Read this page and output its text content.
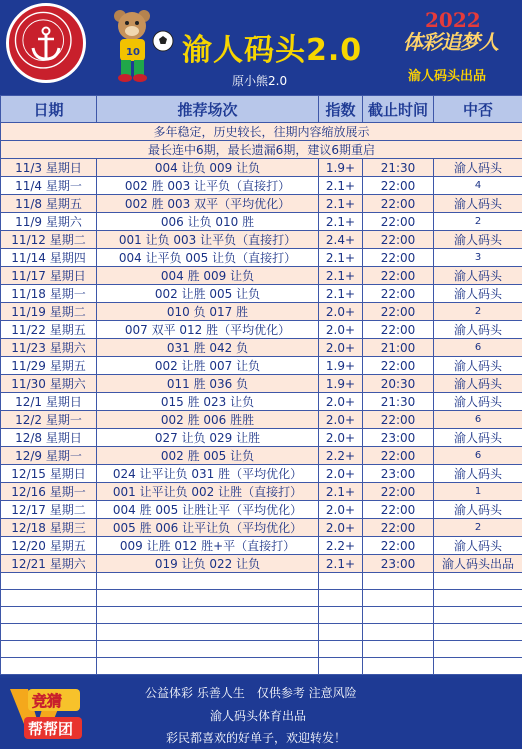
10 渝人码头2.0
原小熊2.0
2022
体彩追梦人
渝人码头出品
日期	推荐场次	指数	截止时间	中否
多年稳定，历史较长，往期内容缩放展示				
最长连中6期，最长遗漏6期，建议6期重启				
11/3 星期日	004 让负 009 让负	1.9+	21:30	渝人码头
11/4 星期一	002 胜 003 让平负（直接打）	2.1+	22:00	4
11/8 星期五	002 胜 003 双平（平均优化）	2.1+	22:00	渝人码头
11/9 星期六	006 让负 010 胜	2.1+	22:00	2
11/12 星期二	001 让负 003 让平负（直接打）	2.4+	22:00	渝人码头
11/14 星期四	004 让平负 005 让负（直接打）	2.1+	22:00	3
11/17 星期日	004 胜 009 让负	2.1+	22:00	渝人码头
11/18 星期一	002 让胜 005 让负	2.1+	22:00	渝人码头
11/19 星期二	010 负 017 胜	2.0+	22:00	2
11/22 星期五	007 双平 012 胜（平均优化）	2.0+	22:00	渝人码头
11/23 星期六	031 胜 042 负	2.0+	21:00	6
11/29 星期五	002 让胜 007 让负	1.9+	22:00	渝人码头
11/30 星期六	011 胜 036 负	1.9+	20:30	渝人码头
12/1 星期日	015 胜 023 让负	2.0+	21:30	渝人码头
12/2 星期一	002 胜 006 胜胜	2.0+	22:00	6
12/8 星期日	027 让负 029 让胜	2.0+	23:00	渝人码头
12/9 星期一	002 胜 005 让负	2.2+	22:00	6
12/15 星期日	024 让平让负 031 胜（平均优化）	2.0+	23:00	渝人码头
12/16 星期一	001 让平让负 002 让胜（直接打）	2.1+	22:00	1
12/17 星期二	004 胜 005 让胜让平（平均优化）	2.0+	22:00	渝人码头
12/18 星期三	005 胜 006 让平让负（平均优化）	2.0+	22:00	2
12/20 星期五	009 让胜 012 胜+平（直接打）	2.2+	22:00	渝人码头
12/21 星期六	019 让负 022 让负	2.1+	23:00	渝人码头出品

竞猜
帮帮团
公益体彩 乐善人生　仅供参考 注意风险
渝人码头体育出品
彩民都喜欢的好单子，欢迎转发！
